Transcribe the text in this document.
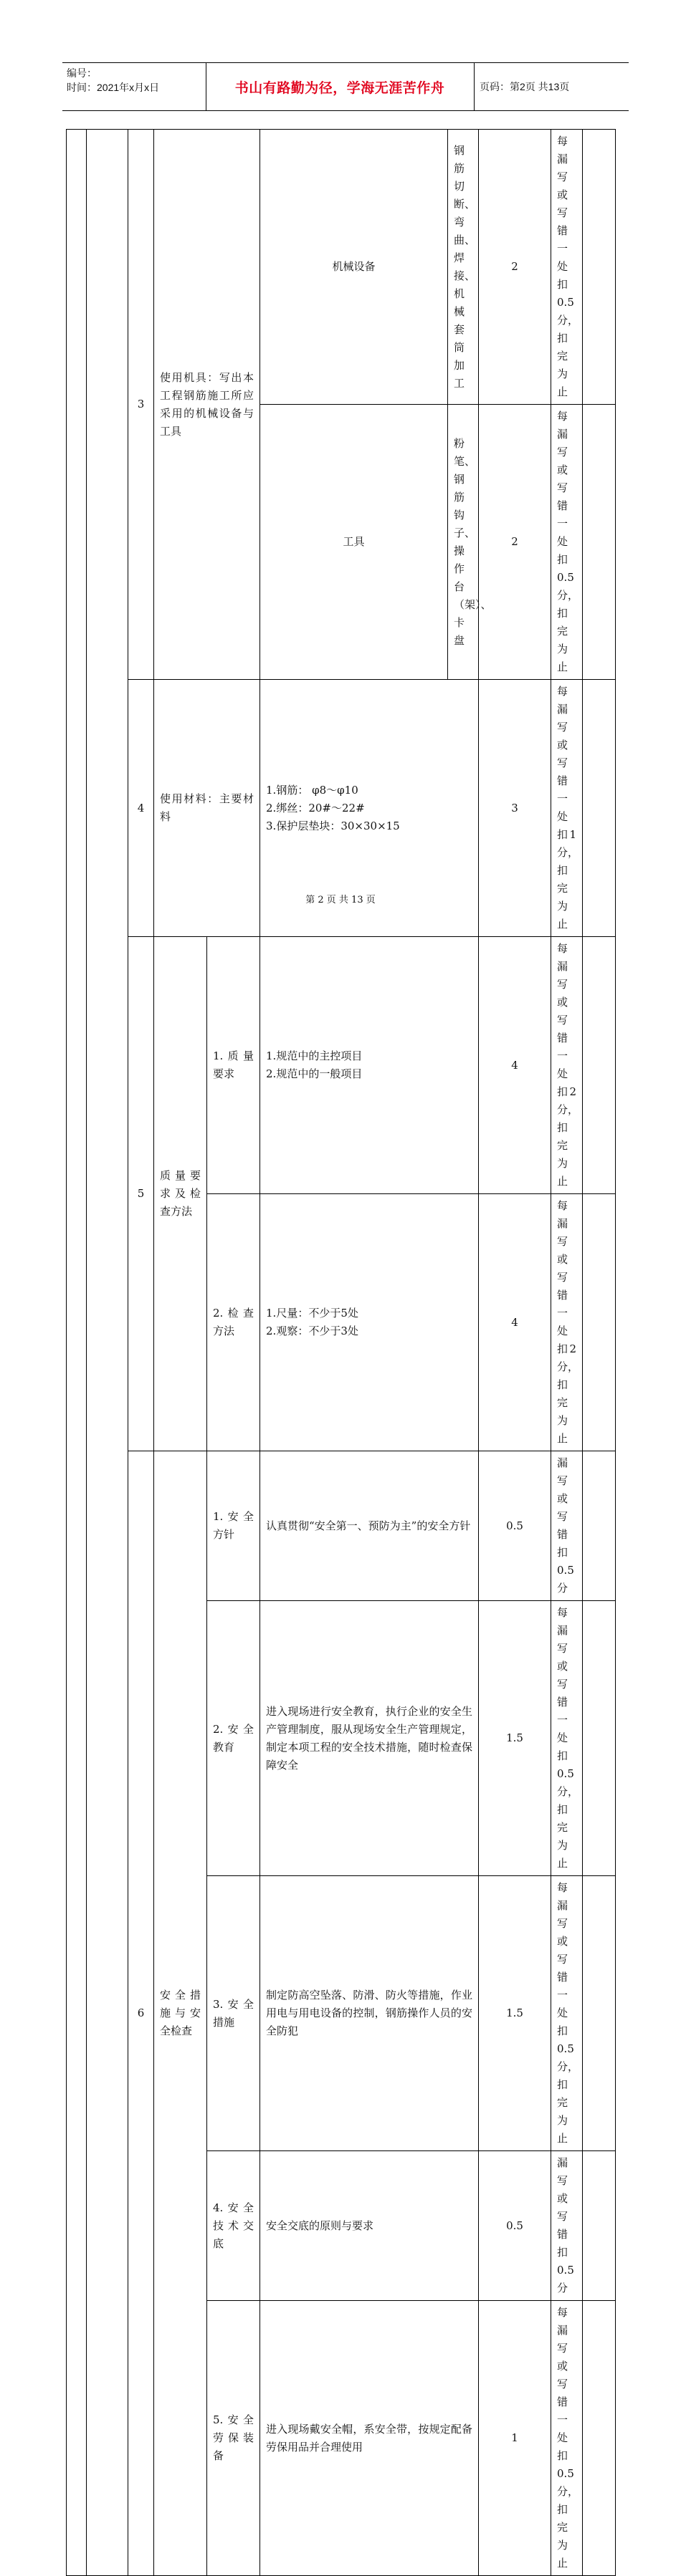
编号：
时间：2021年x月x日	书山有路勤为径，学海无涯苦作舟	页码：第2页 共13页
		3	使用机具：写出本工程钢筋施工所应采用的机械设备与工具		机械设备	钢筋切断、弯曲、焊接、机械套筒加工	2	每漏写或写错一处扣0.5分，扣完为止		
					工具	粉笔、钢筋钩子、操作台（架）、卡盘	2	每漏写或写错一处扣0.5分，扣完为止		
		4	使用材料：主要材料		1.钢筋： φ8～φ10
2.绑丝：20#～22#
3.保护层垫块：30×30×15		3	每漏写或写错一处扣1分，扣完为止		
		5	质量要求及检查方法	1.质量要求	1.规范中的主控项目
2.规范中的一般项目		4	每漏写或写错一处扣2分，扣完为止		
				2.检查方法	1.尺量：不少于5处
2.观察：不少于3处		4	每漏写或写错一处扣2分，扣完为止		
		6	安全措施与安全检查	1.安全方针	认真贯彻“安全第一、预防为主”的安全方针		0.5	漏写或写错扣0.5分		
				2.安全教育	进入现场进行安全教育，执行企业的安全生产管理制度，服从现场安全生产管理规定，制定本项工程的安全技术措施，随时检查保障安全		1.5	每漏写或写错一处扣0.5分，扣完为止		
				3.安全措施	制定防高空坠落、防滑、防火等措施，作业用电与用电设备的控制，钢筋操作人员的安全防犯		1.5	每漏写或写错一处扣0.5分，扣完为止		
				4.安全技术交底	安全交底的原则与要求		0.5	漏写或写错扣0.5分		
				5.安全劳保装备	进入现场戴安全帽，系安全带，按规定配备劳保用品并合理使用		1	每漏写或写错一处扣0.5分，扣完为止		
第 2 页 共 13 页
